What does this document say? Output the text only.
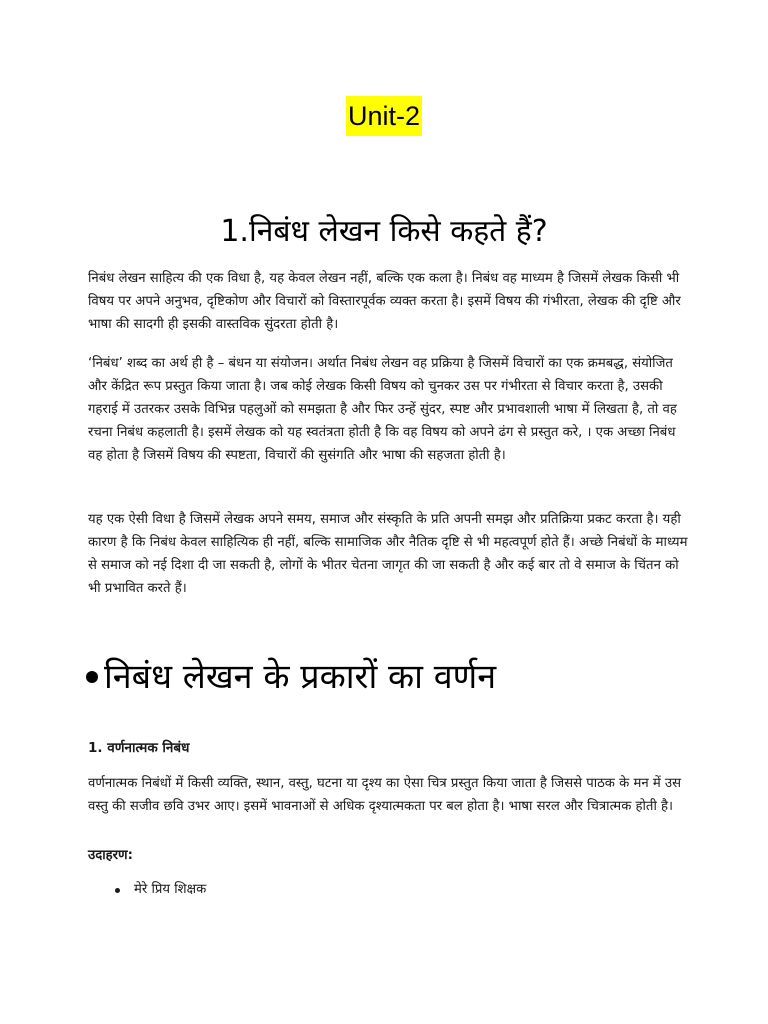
Unit-2
1.निबंध लेखन किसे कहते हैं?

निबंध लेखन साहित्य की एक विधा है, यह केवल लेखन नहीं, बल्कि एक कला है। निबंध वह माध्यम है जिसमें लेखक किसी भी विषय पर अपने अनुभव, दृष्टिकोण और विचारों को विस्तारपूर्वक व्यक्त करता है। इसमें विषय की गंभीरता, लेखक की दृष्टि और भाषा की सादगी ही इसकी वास्तविक सुंदरता होती है।

‘निबंध’ शब्द का अर्थ ही है – बंधन या संयोजन। अर्थात निबंध लेखन वह प्रक्रिया है जिसमें विचारों का एक क्रमबद्ध, संयोजित और केंद्रित रूप प्रस्तुत किया जाता है। जब कोई लेखक किसी विषय को चुनकर उस पर गंभीरता से विचार करता है, उसकी गहराई में उतरकर उसके विभिन्न पहलुओं को समझता है और फिर उन्हें सुंदर, स्पष्ट और प्रभावशाली भाषा में लिखता है, तो वह रचना निबंध कहलाती है। इसमें लेखक को यह स्वतंत्रता होती है कि वह विषय को अपने ढंग से प्रस्तुत करे, । एक अच्छा निबंध वह होता है जिसमें विषय की स्पष्टता, विचारों की सुसंगति और भाषा की सहजता होती है।

यह एक ऐसी विधा है जिसमें लेखक अपने समय, समाज और संस्कृति के प्रति अपनी समझ और प्रतिक्रिया प्रकट करता है। यही कारण है कि निबंध केवल साहित्यिक ही नहीं, बल्कि सामाजिक और नैतिक दृष्टि से भी महत्वपूर्ण होते हैं। अच्छे निबंधों के माध्यम से समाज को नई दिशा दी जा सकती है, लोगों के भीतर चेतना जागृत की जा सकती है और कई बार तो वे समाज के चिंतन को भी प्रभावित करते हैं।

निबंध लेखन के प्रकारों का वर्णन
1. वर्णनात्मक निबंध

वर्णनात्मक निबंधों में किसी व्यक्ति, स्थान, वस्तु, घटना या दृश्य का ऐसा चित्र प्रस्तुत किया जाता है जिससे पाठक के मन में उस वस्तु की सजीव छवि उभर आए। इसमें भावनाओं से अधिक दृश्यात्मकता पर बल होता है। भाषा सरल और चित्रात्मक होती है।

उदाहरण:
मेरे प्रिय शिक्षक
